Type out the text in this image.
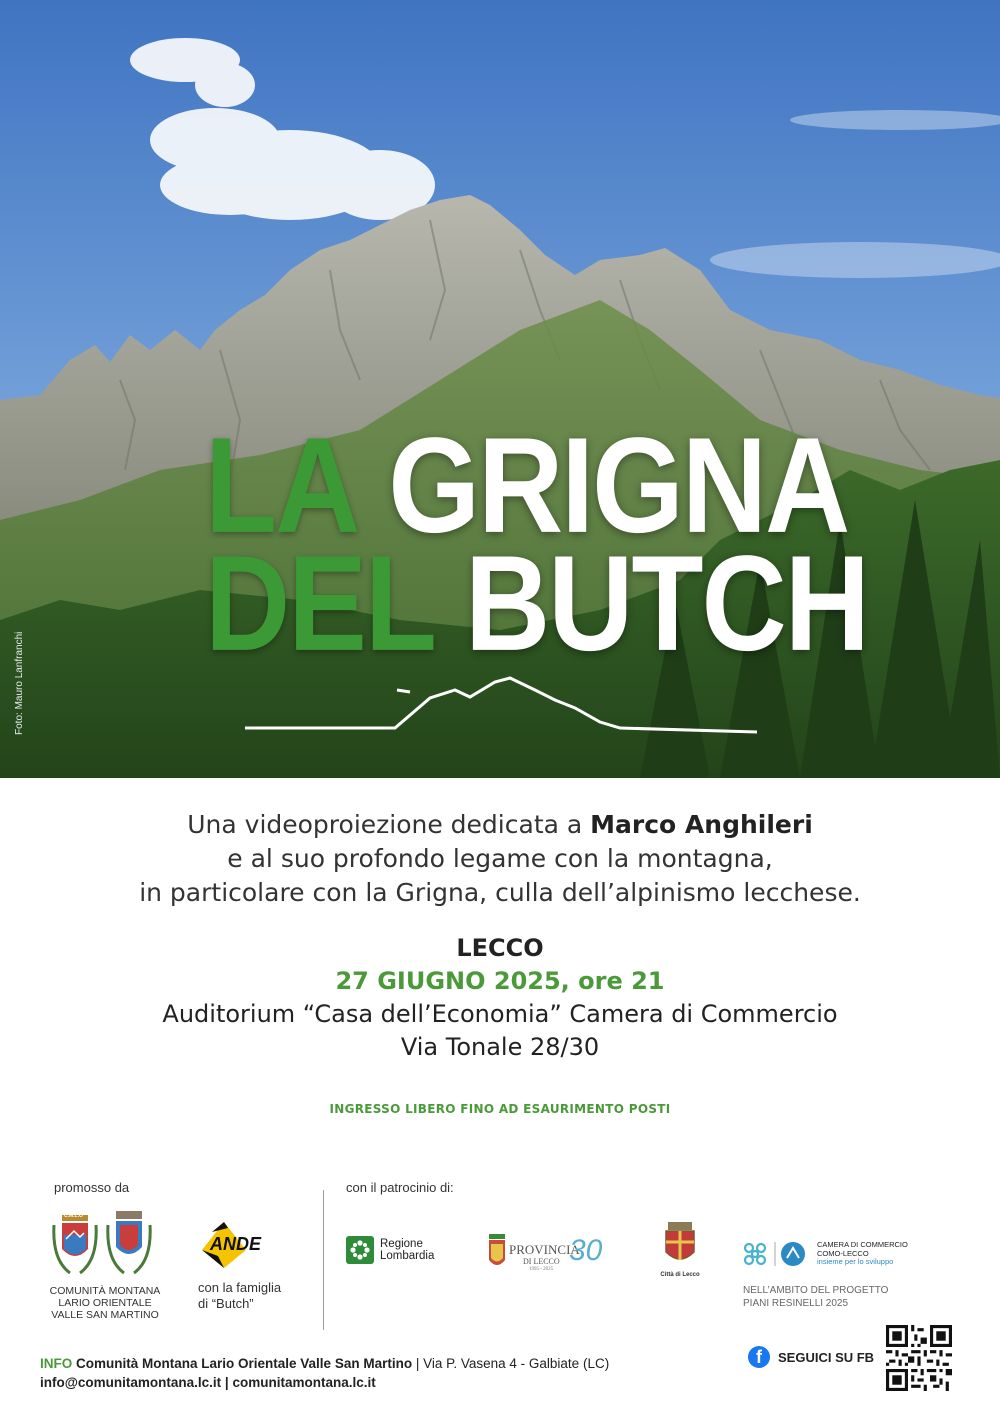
Foto: Mauro Lanfranchi
LA GRIGNA
DEL BUTCH
Una videoproiezione dedicata a Marco Anghileri
e al suo profondo legame con la montagna,
in particolare con la Grigna, culla dell’alpinismo lecchese.
LECCO
27 GIUGNO 2025, ore 21
Auditorium “Casa dell’Economia” Camera di Commercio
Via Tonale 28/30
INGRESSO LIBERO FINO AD ESAURIMENTO POSTI
promosso da
C.M.L.O
COMUNITÀ MONTANA
LARIO ORIENTALE
VALLE SAN MARTINO
ANDE
con la famiglia
di “Butch”
con il patrocinio di:
Regione
Lombardia	PROVINCIA
DI LECCO
1995 - 2025
30
Città di Lecco
CAMERA DI COMMERCIO
COMO-LECCO
insieme per lo sviluppo
NELL’AMBITO DEL PROGETTO
PIANI RESINELLI 2025
INFO Comunità Montana Lario Orientale Valle San Martino | Via P. Vasena 4 - Galbiate (LC)
info@comunitamontana.lc.it | comunitamontana.lc.it
f	SEGUICI SU FB
